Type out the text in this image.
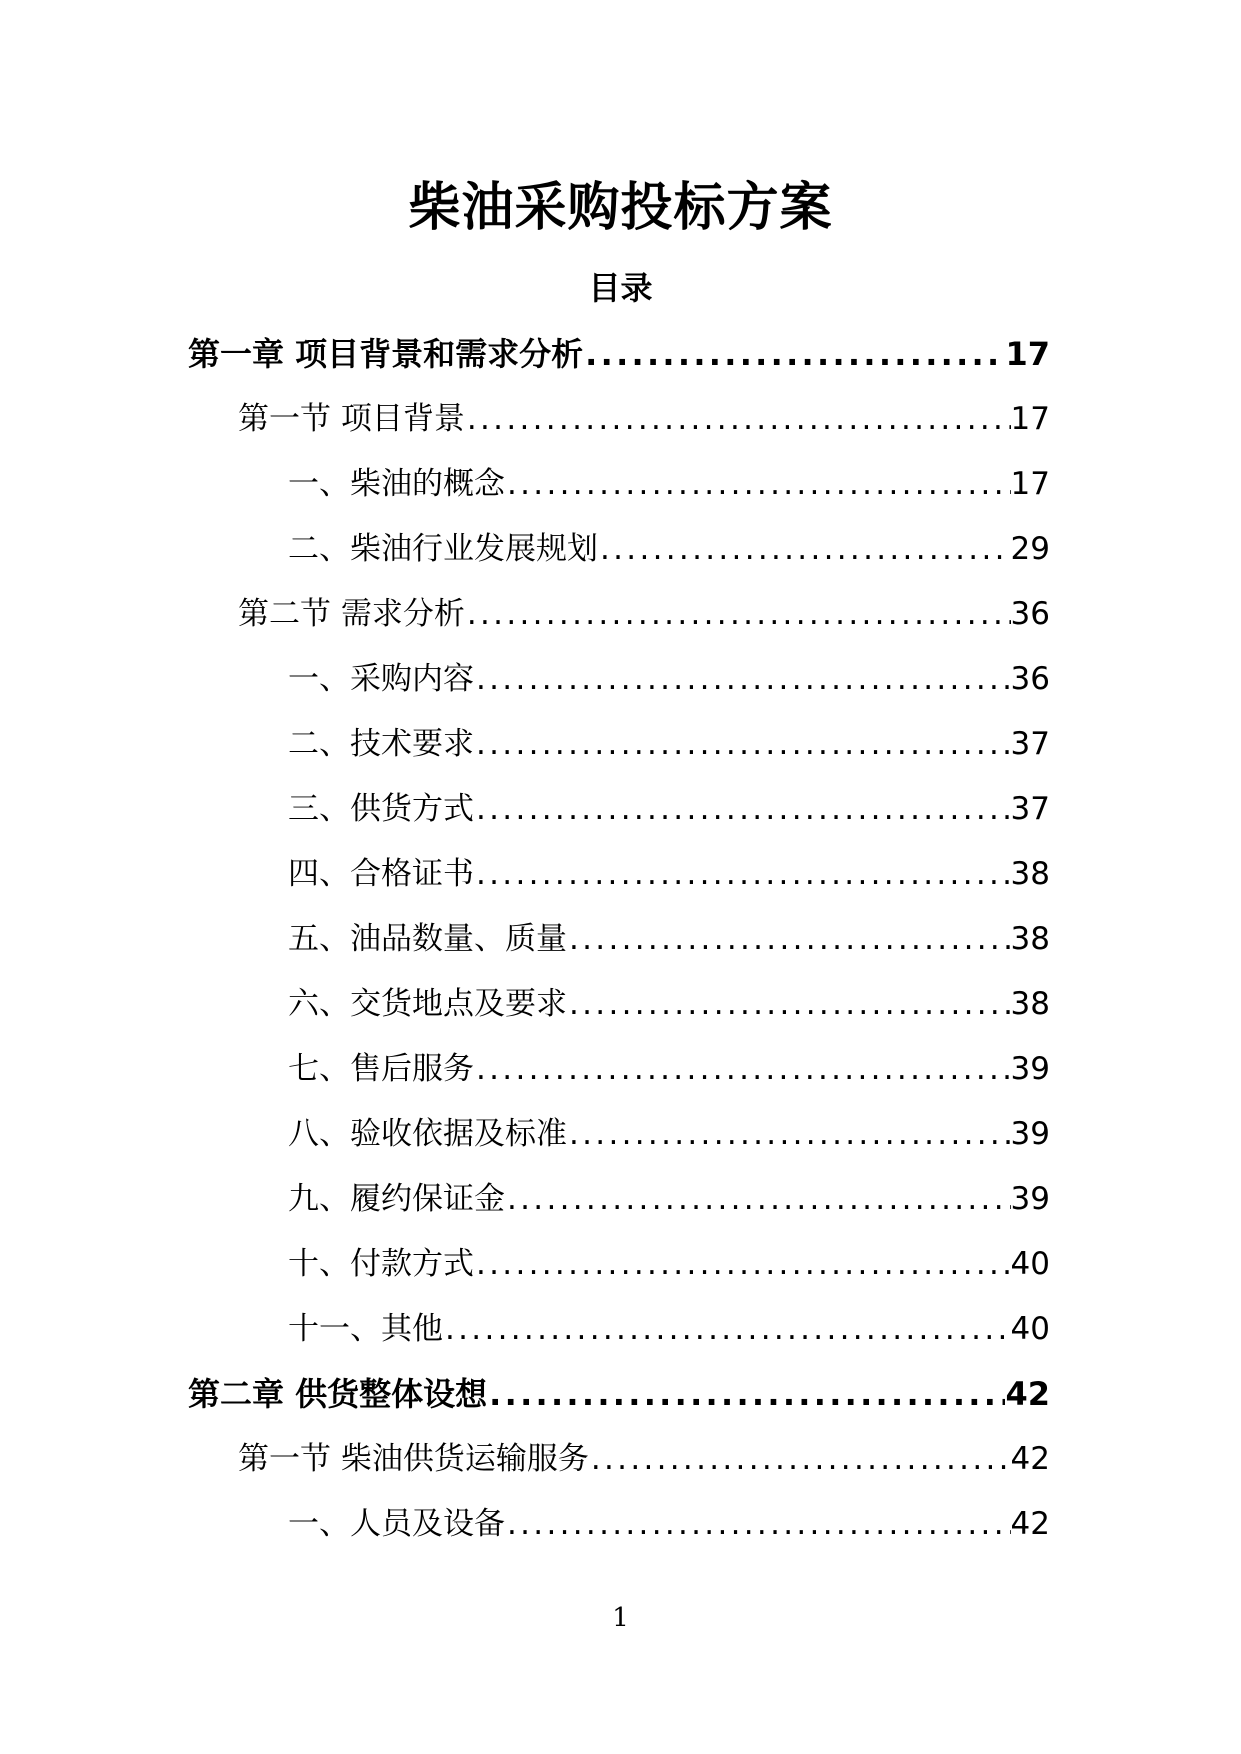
柴油采购投标方案
目录
第一章 项目背景和需求分析 .....	17
第一节 项目背景 .....	17
一、柴油的概念 .....	17
二、柴油行业发展规划 .....	29
第二节 需求分析 .....	36
一、采购内容 .....	36
二、技术要求 .....	37
三、供货方式 .....	37
四、合格证书 .....	38
五、油品数量、质量 .....	38
六、交货地点及要求 .....	38
七、售后服务 .....	39
八、验收依据及标准 .....	39
九、履约保证金 .....	39
十、付款方式 .....	40
十一、其他 .....	40
第二章 供货整体设想 .....	42
第一节 柴油供货运输服务 .....	42
一、人员及设备 .....	42
1
